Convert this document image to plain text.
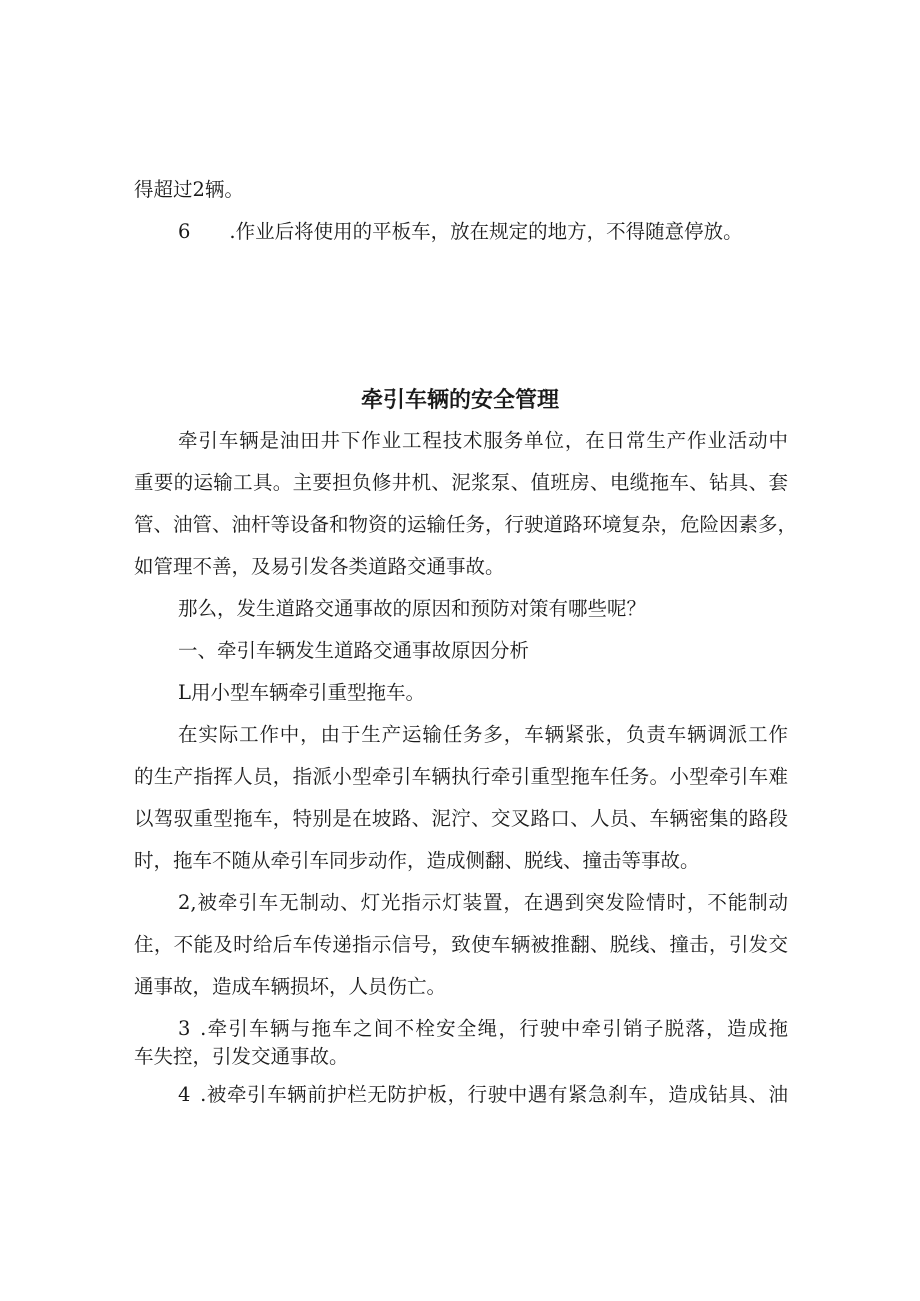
得超过2辆。

6　　.作业后将使用的平板车，放在规定的地方，不得随意停放。

牵引车辆的安全管理

牵引车辆是油田井下作业工程技术服务单位，在日常生产作业活动中

重要的运输工具。主要担负修井机、泥浆泵、值班房、电缆拖车、钻具、套

管、油管、油杆等设备和物资的运输任务，行驶道路环境复杂，危险因素多，

如管理不善，及易引发各类道路交通事故。

那么，发生道路交通事故的原因和预防对策有哪些呢？

一、牵引车辆发生道路交通事故原因分析

L用小型车辆牵引重型拖车。

在实际工作中，由于生产运输任务多，车辆紧张，负责车辆调派工作

的生产指挥人员，指派小型牵引车辆执行牵引重型拖车任务。小型牵引车难

以驾驭重型拖车，特别是在坡路、泥泞、交叉路口、人员、车辆密集的路段

时，拖车不随从牵引车同步动作，造成侧翻、脱线、撞击等事故。

2,被牵引车无制动、灯光指示灯装置，在遇到突发险情时，不能制动

住，不能及时给后车传递指示信号，致使车辆被推翻、脱线、撞击，引发交

通事故，造成车辆损坏，人员伤亡。

3 .牵引车辆与拖车之间不栓安全绳，行驶中牵引销子脱落，造成拖

车失控，引发交通事故。

4 .被牵引车辆前护栏无防护板，行驶中遇有紧急刹车，造成钻具、油
